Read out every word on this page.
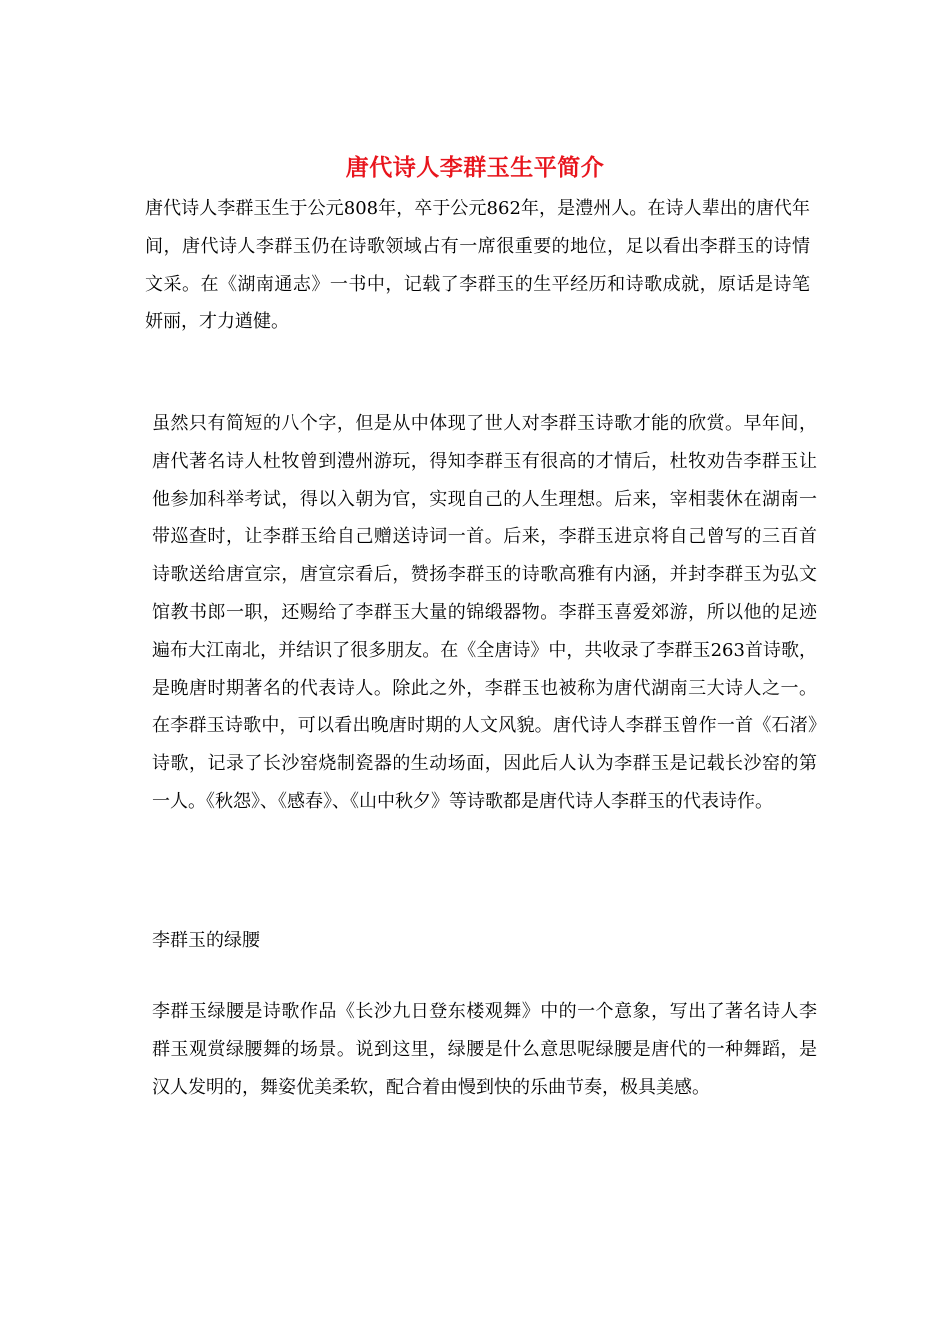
唐代诗人李群玉生平简介

唐代诗人李群玉生于公元808年，卒于公元862年，是澧州人。在诗人辈出的唐代年间，唐代诗人李群玉仍在诗歌领域占有一席很重要的地位，足以看出李群玉的诗情文采。在《湖南通志》一书中，记载了李群玉的生平经历和诗歌成就，原话是诗笔妍丽，才力遒健。

虽然只有简短的八个字，但是从中体现了世人对李群玉诗歌才能的欣赏。早年间，唐代著名诗人杜牧曾到澧州游玩，得知李群玉有很高的才情后，杜牧劝告李群玉让他参加科举考试，得以入朝为官，实现自己的人生理想。后来，宰相裴休在湖南一带巡查时，让李群玉给自己赠送诗词一首。后来，李群玉进京将自己曾写的三百首诗歌送给唐宣宗，唐宣宗看后，赞扬李群玉的诗歌高雅有内涵，并封李群玉为弘文馆教书郎一职，还赐给了李群玉大量的锦缎器物。李群玉喜爱郊游，所以他的足迹遍布大江南北，并结识了很多朋友。在《全唐诗》中，共收录了李群玉263首诗歌，是晚唐时期著名的代表诗人。除此之外，李群玉也被称为唐代湖南三大诗人之一。在李群玉诗歌中，可以看出晚唐时期的人文风貌。唐代诗人李群玉曾作一首《石渚》诗歌，记录了长沙窑烧制瓷器的生动场面，因此后人认为李群玉是记载长沙窑的第一人。《秋怨》、《感春》、《山中秋夕》等诗歌都是唐代诗人李群玉的代表诗作。

李群玉的绿腰

李群玉绿腰是诗歌作品《长沙九日登东楼观舞》中的一个意象，写出了著名诗人李群玉观赏绿腰舞的场景。说到这里，绿腰是什么意思呢绿腰是唐代的一种舞蹈，是汉人发明的，舞姿优美柔软，配合着由慢到快的乐曲节奏，极具美感。
